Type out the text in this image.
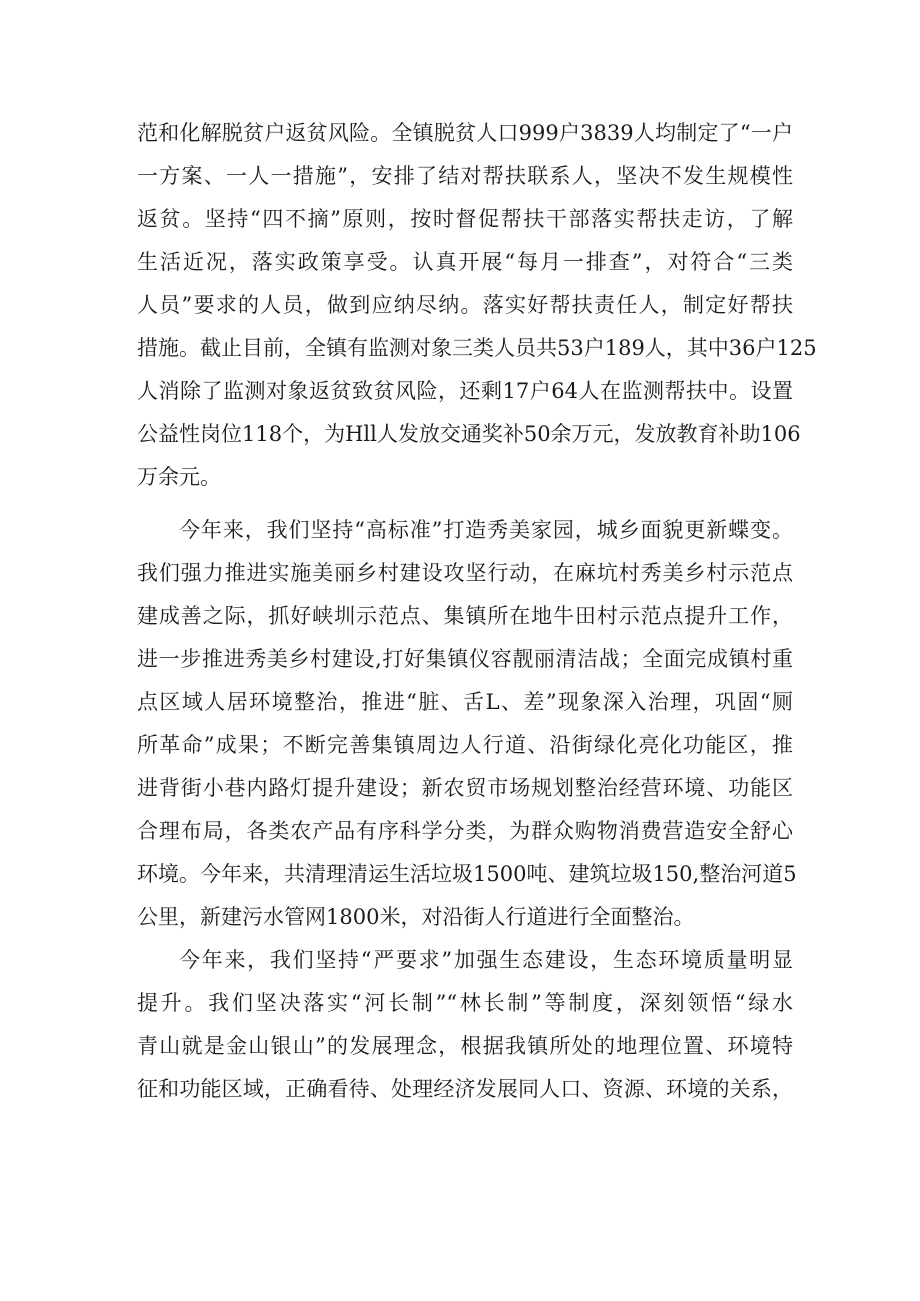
范和化解脱贫户返贫风险。全镇脱贫人口999户3839人均制定了“一户
一方案、一人一措施”，安排了结对帮扶联系人，坚决不发生规模性
返贫。坚持“四不摘”原则，按时督促帮扶干部落实帮扶走访，了解
生活近况，落实政策享受。认真开展“每月一排查”，对符合“三类
人员”要求的人员，做到应纳尽纳。落实好帮扶责任人，制定好帮扶
措施。截止目前，全镇有监测对象三类人员共53户189人，其中36户125
人消除了监测对象返贫致贫风险，还剩17户64人在监测帮扶中。设置
公益性岗位118个，为Hll人发放交通奖补50余万元，发放教育补助106
万余元。
今年来，我们坚持“高标准”打造秀美家园，城乡面貌更新蝶变。
我们强力推进实施美丽乡村建设攻坚行动，在麻坑村秀美乡村示范点
建成善之际，抓好峡圳示范点、集镇所在地牛田村示范点提升工作，
进一步推进秀美乡村建设,打好集镇仪容靓丽清洁战；全面完成镇村重
点区域人居环境整治，推进“脏、舌L、差”现象深入治理，巩固“厕
所革命”成果；不断完善集镇周边人行道、沿街绿化亮化功能区，推
进背街小巷内路灯提升建设；新农贸市场规划整治经营环境、功能区
合理布局，各类农产品有序科学分类，为群众购物消费营造安全舒心
环境。今年来，共清理清运生活垃圾1500吨、建筑垃圾150,整治河道5
公里，新建污水管网1800米，对沿街人行道进行全面整治。
今年来，我们坚持“严要求”加强生态建设，生态环境质量明显
提升。我们坚决落实“河长制”“林长制”等制度，深刻领悟“绿水
青山就是金山银山”的发展理念，根据我镇所处的地理位置、环境特
征和功能区域，正确看待、处理经济发展同人口、资源、环境的关系，
